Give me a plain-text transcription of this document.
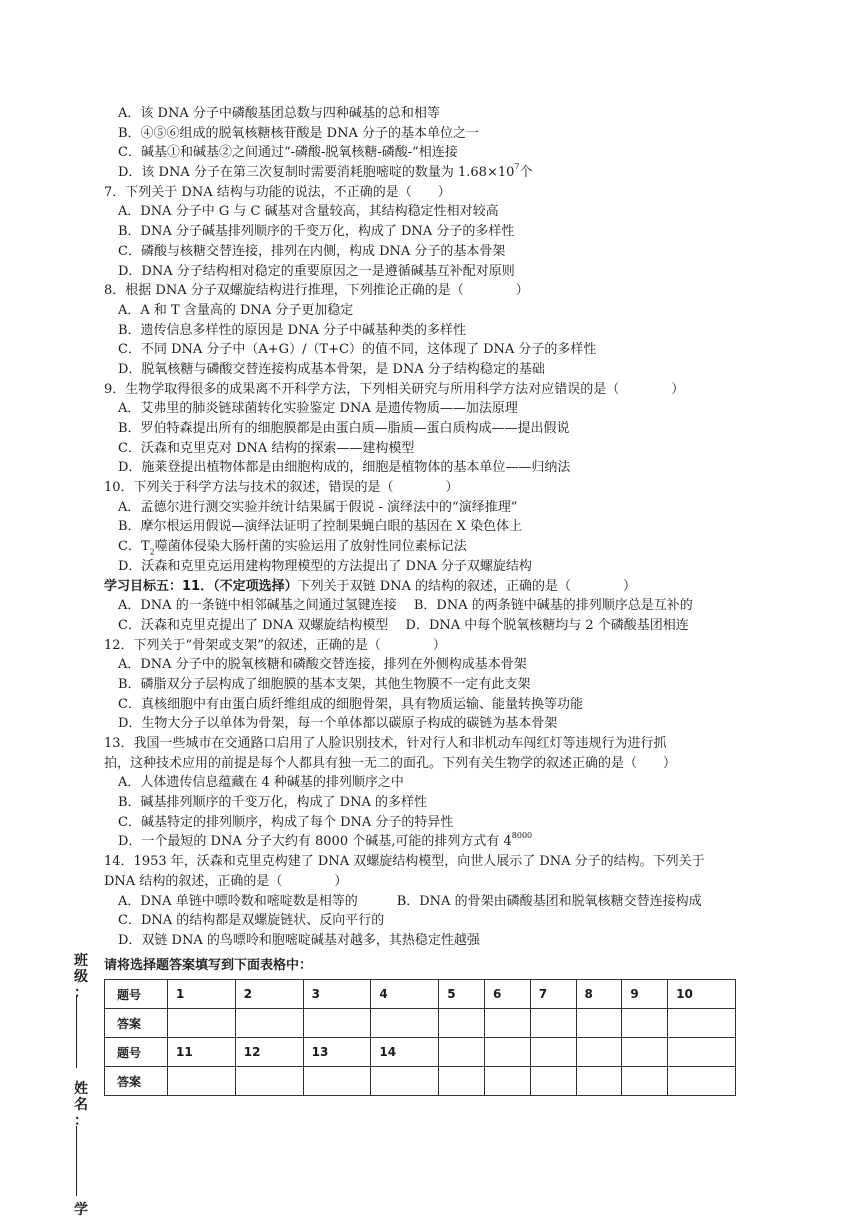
A．该 DNA 分子中磷酸基团总数与四种碱基的总和相等
B．④⑤⑥组成的脱氧核糖核苷酸是 DNA 分子的基本单位之一
C．碱基①和碱基②之间通过“-磷酸-脱氧核糖-磷酸-”相连接
D．该 DNA 分子在第三次复制时需要消耗胞嘧啶的数量为 $1.68\times 10^7$个
7．下列关于 DNA 结构与功能的说法，不正确的是（　　）
A．DNA 分子中 G 与 C 碱基对含量较高，其结构稳定性相对较高
B．DNA 分子碱基排列顺序的千变万化，构成了 DNA 分子的多样性
C．磷酸与核糖交替连接，排列在内侧，构成 DNA 分子的基本骨架
D．DNA 分子结构相对稳定的重要原因之一是遵循碱基互补配对原则
8．根据 DNA 分子双螺旋结构进行推理，下列推论正确的是（　　　　）
A．A 和 T 含量高的 DNA 分子更加稳定
B．遗传信息多样性的原因是 DNA 分子中碱基种类的多样性
C．不同 DNA 分子中（A+G）/（T+C）的值不同，这体现了 DNA 分子的多样性
D．脱氧核糖与磷酸交替连接构成基本骨架，是 DNA 分子结构稳定的基础
9．生物学取得很多的成果离不开科学方法，下列相关研究与所用科学方法对应错误的是（　　　　）
A．艾弗里的肺炎链球菌转化实验鉴定 DNA 是遗传物质——加法原理
B．罗伯特森提出所有的细胞膜都是由蛋白质—脂质—蛋白质构成——提出假说
C．沃森和克里克对 DNA 结构的探索——建构模型
D．施莱登提出植物体都是由细胞构成的，细胞是植物体的基本单位——归纳法
10．下列关于科学方法与技术的叙述，错误的是（　　　　）
A．孟德尔进行测交实验并统计结果属于假说 - 演绎法中的“演绎推理”
B．摩尔根运用假说—演绎法证明了控制果蝇白眼的基因在 X 染色体上
C．T2噬菌体侵染大肠杆菌的实验运用了放射性同位素标记法
D．沃森和克里克运用建构物理模型的方法提出了 DNA 分子双螺旋结构
学习目标五：11．（不定项选择）下列关于双链 DNA 的结构的叙述，正确的是（　　　　）
A．DNA 的一条链中相邻碱基之间通过氢键连接　 B．DNA 的两条链中碱基的排列顺序总是互补的
C．沃森和克里克提出了 DNA 双螺旋结构模型　 D．DNA 中每个脱氧核糖均与 2 个磷酸基团相连
12．下列关于“骨架或支架”的叙述，正确的是（　　　　）
A．DNA 分子中的脱氧核糖和磷酸交替连接，排列在外侧构成基本骨架
B．磷脂双分子层构成了细胞膜的基本支架，其他生物膜不一定有此支架
C．真核细胞中有由蛋白质纤维组成的细胞骨架，具有物质运输、能量转换等功能
D．生物大分子以单体为骨架，每一个单体都以碳原子构成的碳链为基本骨架
13．我国一些城市在交通路口启用了人脸识别技术，针对行人和非机动车闯红灯等违规行为进行抓
拍，这种技术应用的前提是每个人都具有独一无二的面孔。下列有关生物学的叙述正确的是（　　）
A．人体遗传信息蕴藏在 4 种碱基的排列顺序之中
B．碱基排列顺序的千变万化，构成了 DNA 的多样性
C．碱基特定的排列顺序，构成了每个 DNA 分子的特异性
D．一个最短的 DNA 分子大约有 8000 个碱基,可能的排列方式有 $4^{8000}$
14．1953 年，沃森和克里克构建了 DNA 双螺旋结构模型，向世人展示了 DNA 分子的结构。下列关于
DNA 结构的叙述，正确的是（　　　　）
A．DNA 单链中嘌呤数和嘧啶数是相等的　　　B．DNA 的骨架由磷酸基团和脱氧核糖交替连接构成
C．DNA 的结构都是双螺旋链状、反向平行的
D．双链 DNA 的鸟嘌呤和胞嘧啶碱基对越多，其热稳定性越强
请将选择题答案填写到下面表格中：
题号	1	2	3	4	5	6	7	8	9	10
答案										
题号	11	12	13	14						
答案										
班
级
：
姓
名
：
学
